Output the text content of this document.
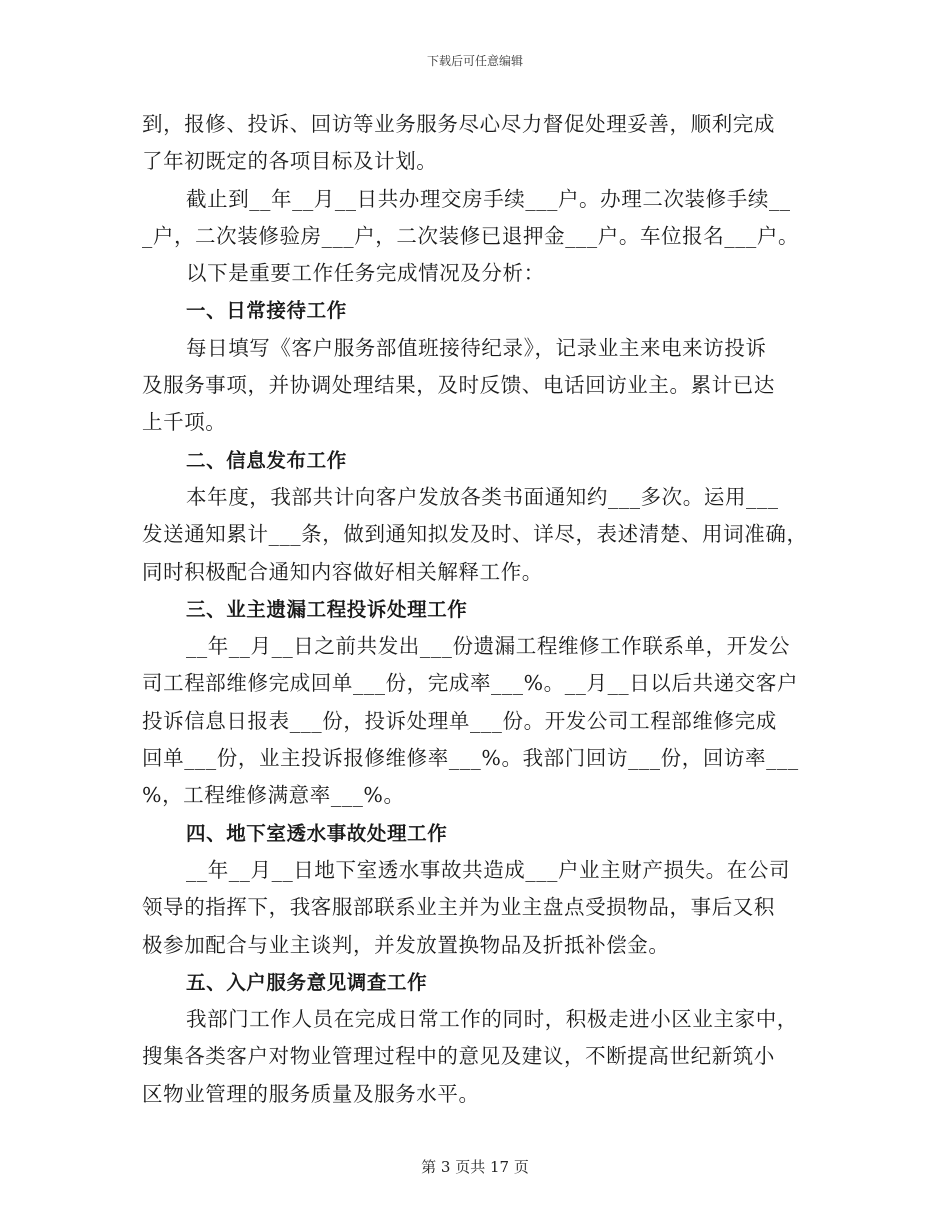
下载后可任意编辑
到，报修、投诉、回访等业务服务尽心尽力督促处理妥善，顺利完成
了年初既定的各项目标及计划。
截止到__年__月__日共办理交房手续___户。办理二次装修手续__
_户，二次装修验房___户，二次装修已退押金___户。车位报名___户。
以下是重要工作任务完成情况及分析：
一、日常接待工作
每日填写《客户服务部值班接待纪录》，记录业主来电来访投诉
及服务事项，并协调处理结果，及时反馈、电话回访业主。累计已达
上千项。
二、信息发布工作
本年度，我部共计向客户发放各类书面通知约___多次。运用___
发送通知累计___条，做到通知拟发及时、详尽，表述清楚、用词准确，
同时积极配合通知内容做好相关解释工作。
三、业主遗漏工程投诉处理工作
__年__月__日之前共发出___份遗漏工程维修工作联系单，开发公
司工程部维修完成回单___份，完成率___%。__月__日以后共递交客户
投诉信息日报表___份，投诉处理单___份。开发公司工程部维修完成
回单___份，业主投诉报修维修率___%。我部门回访___份，回访率___
%，工程维修满意率___%。
四、地下室透水事故处理工作
__年__月__日地下室透水事故共造成___户业主财产损失。在公司
领导的指挥下，我客服部联系业主并为业主盘点受损物品，事后又积
极参加配合与业主谈判，并发放置换物品及折抵补偿金。
五、入户服务意见调查工作
我部门工作人员在完成日常工作的同时，积极走进小区业主家中，
搜集各类客户对物业管理过程中的意见及建议，不断提高世纪新筑小
区物业管理的服务质量及服务水平。
第 3 页共 17 页
